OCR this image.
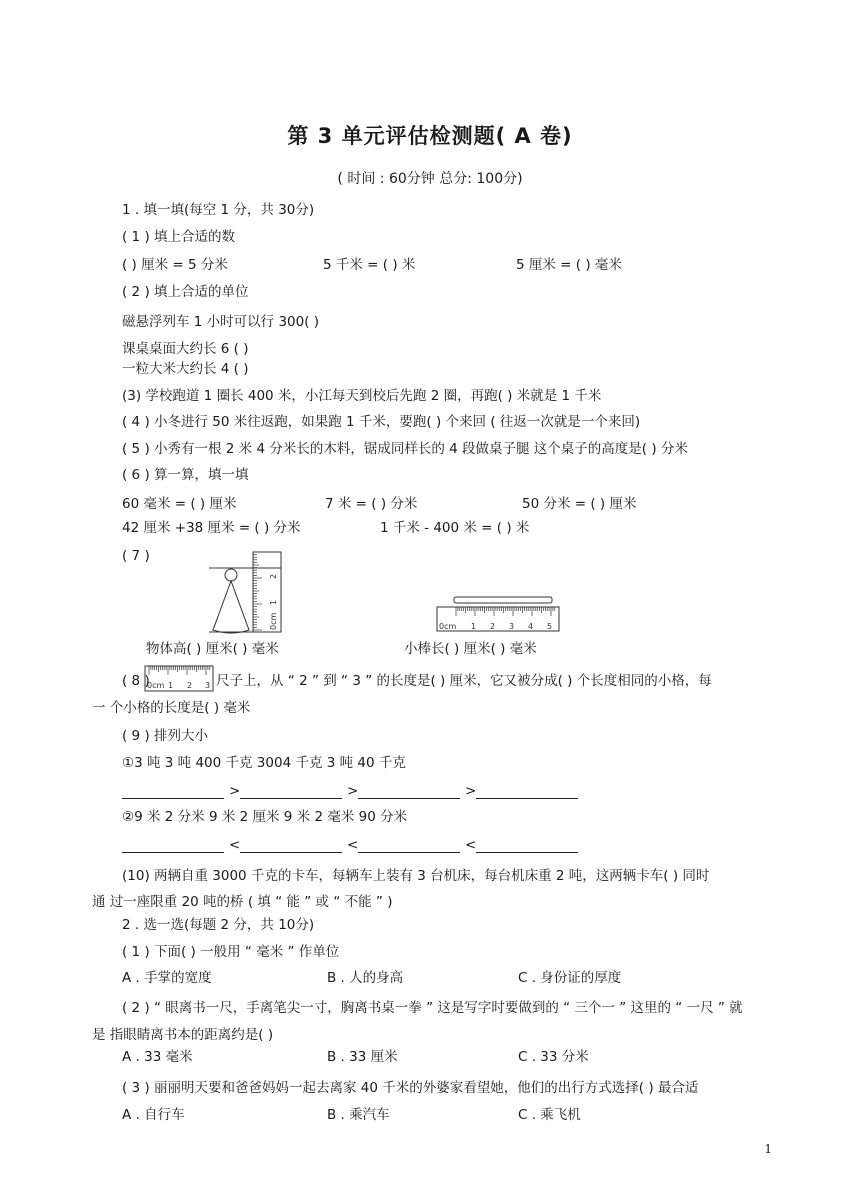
第 3 单元评估检测题( A 卷)
( 时间 : 60分钟 总分: 100分)
1 . 填一填(每空 1 分，共 30分)
( 1 ) 填上合适的数
( ) 厘米 = 5 分米	5 千米 = ( ) 米	5 厘米 = ( ) 毫米
( 2 ) 填上合适的单位
磁悬浮列车 1 小时可以行 300( )
课桌桌面大约长 6 ( )
一粒大米大约长 4 ( )
(3) 学校跑道 1 圈长 400 米，小江每天到校后先跑 2 圈，再跑( ) 米就是 1 千米
( 4 ) 小冬进行 50 米往返跑，如果跑 1 千米，要跑( ) 个来回 ( 往返一次就是一个来回)
( 5 ) 小秀有一根 2 米 4 分米长的木料，锯成同样长的 4 段做桌子腿 这个桌子的高度是( ) 分米
( 6 ) 算一算，填一填
60 毫米 = ( ) 厘米	7 米 = ( ) 分米	50 分米 = ( ) 厘米
42 厘米 +38 厘米 = ( ) 分米	1 千米 - 400 米 = ( ) 米
( 7 )
0cm
1
2
0cm 1 2 3 4 5
物体高( ) 厘米( ) 毫米	小棒长( ) 厘米( ) 毫米
( 8 )
0cm 1 2 3 尺子上，从 “ 2 ” 到 “ 3 ” 的长度是( ) 厘米，它又被分成( ) 个长度相同的小格，每
一 个小格的长度是( ) 毫米
( 9 ) 排列大小
①3 吨 3 吨 400 千克 3004 千克 3 吨 40 千克
>	>	>
②9 米 2 分米 9 米 2 厘米 9 米 2 毫米 90 分米
<	<	<
(10) 两辆自重 3000 千克的卡车，每辆车上装有 3 台机床，每台机床重 2 吨，这两辆卡车( ) 同时
通 过一座限重 20 吨的桥 ( 填 “ 能 ” 或 “ 不能 ” )
2 . 选一选(每题 2 分，共 10分)
( 1 ) 下面( ) 一般用 “ 毫米 ” 作单位
A . 手掌的宽度	B . 人的身高	C . 身份证的厚度
( 2 ) “ 眼离书一尺，手离笔尖一寸，胸离书桌一拳 ” 这是写字时要做到的 “ 三个一 ” 这里的 “ 一尺 ” 就
是 指眼睛离书本的距离约是( )
A . 33 毫米	B . 33 厘米	C . 33 分米
( 3 ) 丽丽明天要和爸爸妈妈一起去离家 40 千米的外婆家看望她，他们的出行方式选择( ) 最合适
A . 自行车	B . 乘汽车	C . 乘飞机
1
